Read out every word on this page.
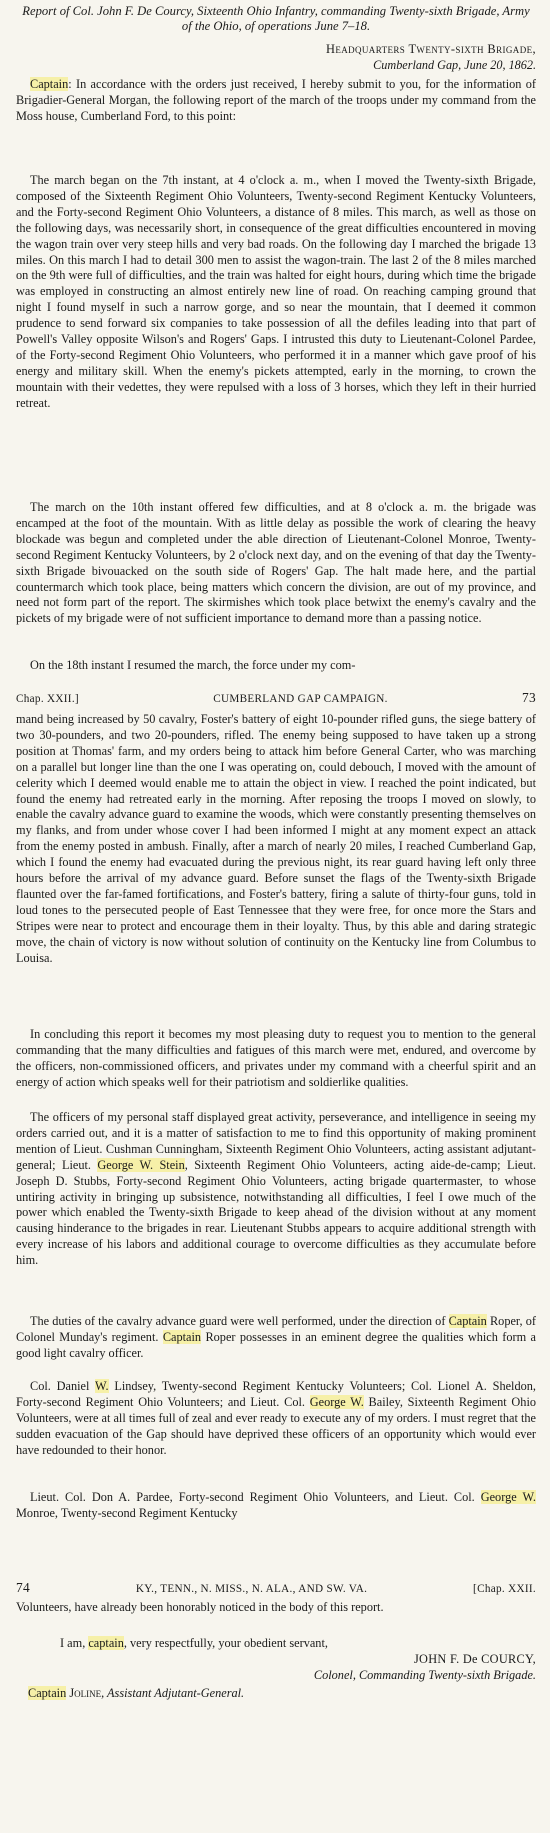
Report of Col. John F. De Courcy, Sixteenth Ohio Infantry, commanding Twenty-sixth Brigade, Army of the Ohio, of operations June 7–18.
Headquarters Twenty-sixth Brigade,
Cumberland Gap, June 20, 1862.

Captain: In accordance with the orders just received, I hereby submit to you, for the information of Brigadier-General Morgan, the following report of the march of the troops under my command from the Moss house, Cumberland Ford, to this point:

The march began on the 7th instant, at 4 o'clock a. m., when I moved the Twenty-sixth Brigade, composed of the Sixteenth Regiment Ohio Volunteers, Twenty-second Regiment Kentucky Volunteers, and the Forty-second Regiment Ohio Volunteers, a distance of 8 miles. This march, as well as those on the following days, was necessarily short, in consequence of the great difficulties encountered in moving the wagon train over very steep hills and very bad roads. On the following day I marched the brigade 13 miles. On this march I had to detail 300 men to assist the wagon-train. The last 2 of the 8 miles marched on the 9th were full of difficulties, and the train was halted for eight hours, during which time the brigade was employed in constructing an almost entirely new line of road. On reaching camping ground that night I found myself in such a narrow gorge, and so near the mountain, that I deemed it common prudence to send forward six companies to take possession of all the defiles leading into that part of Powell's Valley opposite Wilson's and Rogers' Gaps. I intrusted this duty to Lieutenant-Colonel Pardee, of the Forty-second Regiment Ohio Volunteers, who performed it in a manner which gave proof of his energy and military skill. When the enemy's pickets attempted, early in the morning, to crown the mountain with their vedettes, they were repulsed with a loss of 3 horses, which they left in their hurried retreat.

The march on the 10th instant offered few difficulties, and at 8 o'clock a. m. the brigade was encamped at the foot of the mountain. With as little delay as possible the work of clearing the heavy blockade was begun and completed under the able direction of Lieutenant-Colonel Monroe, Twenty-second Regiment Kentucky Volunteers, by 2 o'clock next day, and on the evening of that day the Twenty-sixth Brigade bivouacked on the south side of Rogers' Gap. The halt made here, and the partial countermarch which took place, being matters which concern the division, are out of my province, and need not form part of the report. The skirmishes which took place betwixt the enemy's cavalry and the pickets of my brigade were of not sufficient importance to demand more than a passing notice.

On the 18th instant I resumed the march, the force under my com-

Chap. XXII.]	CUMBERLAND GAP CAMPAIGN.	73

mand being increased by 50 cavalry, Foster's battery of eight 10-pounder rifled guns, the siege battery of two 30-pounders, and two 20-pounders, rifled. The enemy being supposed to have taken up a strong position at Thomas' farm, and my orders being to attack him before General Carter, who was marching on a parallel but longer line than the one I was operating on, could debouch, I moved with the amount of celerity which I deemed would enable me to attain the object in view. I reached the point indicated, but found the enemy had retreated early in the morning. After reposing the troops I moved on slowly, to enable the cavalry advance guard to examine the woods, which were constantly presenting themselves on my flanks, and from under whose cover I had been informed I might at any moment expect an attack from the enemy posted in ambush. Finally, after a march of nearly 20 miles, I reached Cumberland Gap, which I found the enemy had evacuated during the previous night, its rear guard having left only three hours before the arrival of my advance guard. Before sunset the flags of the Twenty-sixth Brigade flaunted over the far-famed fortifications, and Foster's battery, firing a salute of thirty-four guns, told in loud tones to the persecuted people of East Tennessee that they were free, for once more the Stars and Stripes were near to protect and encourage them in their loyalty. Thus, by this able and daring strategic move, the chain of victory is now without solution of continuity on the Kentucky line from Columbus to Louisa.

In concluding this report it becomes my most pleasing duty to request you to mention to the general commanding that the many difficulties and fatigues of this march were met, endured, and overcome by the officers, non-commissioned officers, and privates under my command with a cheerful spirit and an energy of action which speaks well for their patriotism and soldierlike qualities.

The officers of my personal staff displayed great activity, perseverance, and intelligence in seeing my orders carried out, and it is a matter of satisfaction to me to find this opportunity of making prominent mention of Lieut. Cushman Cunningham, Sixteenth Regiment Ohio Volunteers, acting assistant adjutant-general; Lieut. George W. Stein, Sixteenth Regiment Ohio Volunteers, acting aide-de-camp; Lieut. Joseph D. Stubbs, Forty-second Regiment Ohio Volunteers, acting brigade quartermaster, to whose untiring activity in bringing up subsistence, notwithstanding all difficulties, I feel I owe much of the power which enabled the Twenty-sixth Brigade to keep ahead of the division without at any moment causing hinderance to the brigades in rear. Lieutenant Stubbs appears to acquire additional strength with every increase of his labors and additional courage to overcome difficulties as they accumulate before him.

The duties of the cavalry advance guard were well performed, under the direction of Captain Roper, of Colonel Munday's regiment. Captain Roper possesses in an eminent degree the qualities which form a good light cavalry officer.

Col. Daniel W. Lindsey, Twenty-second Regiment Kentucky Volunteers; Col. Lionel A. Sheldon, Forty-second Regiment Ohio Volunteers; and Lieut. Col. George W. Bailey, Sixteenth Regiment Ohio Volunteers, were at all times full of zeal and ever ready to execute any of my orders. I must regret that the sudden evacuation of the Gap should have deprived these officers of an opportunity which would ever have redounded to their honor.

Lieut. Col. Don A. Pardee, Forty-second Regiment Ohio Volunteers, and Lieut. Col. George W. Monroe, Twenty-second Regiment Kentucky

74	KY., TENN., N. MISS., N. ALA., AND SW. VA.	[Chap. XXII.

Volunteers, have already been honorably noticed in the body of this report.

I am, captain, very respectfully, your obedient servant,
JOHN F. De COURCY,
Colonel, Commanding Twenty-sixth Brigade.
Captain Joline, Assistant Adjutant-General.
